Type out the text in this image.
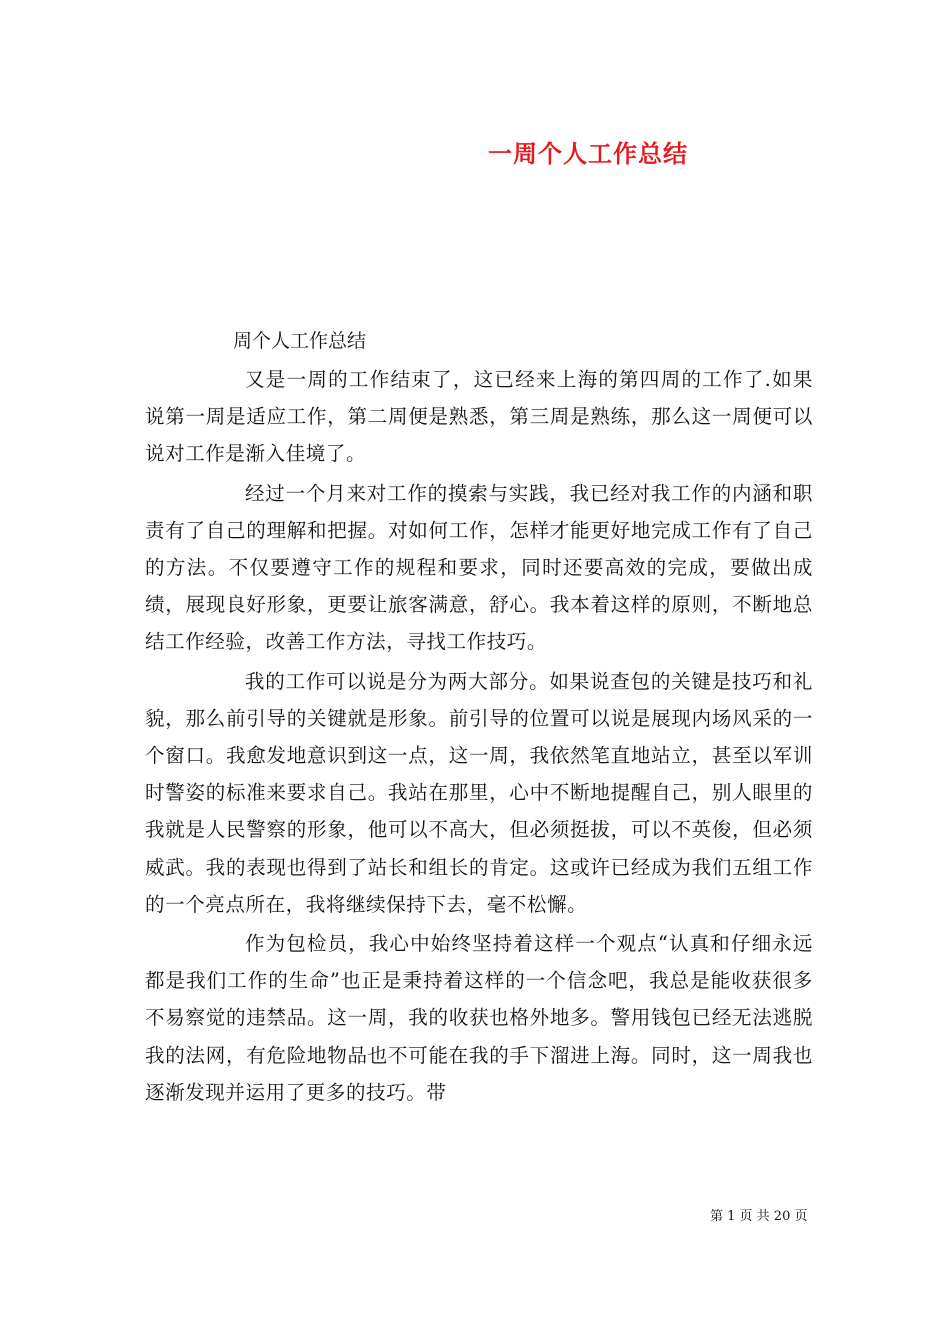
一周个人工作总结
周个人工作总结

又是一周的工作结束了，这已经来上海的第四周的工作了.如果说第一周是适应工作，第二周便是熟悉，第三周是熟练，那么这一周便可以说对工作是渐入佳境了。

经过一个月来对工作的摸索与实践，我已经对我工作的内涵和职责有了自己的理解和把握。对如何工作，怎样才能更好地完成工作有了自己的方法。不仅要遵守工作的规程和要求，同时还要高效的完成，要做出成绩，展现良好形象，更要让旅客满意，舒心。我本着这样的原则，不断地总结工作经验，改善工作方法，寻找工作技巧。

我的工作可以说是分为两大部分。如果说查包的关键是技巧和礼貌，那么前引导的关键就是形象。前引导的位置可以说是展现内场风采的一个窗口。我愈发地意识到这一点，这一周，我依然笔直地站立，甚至以军训时警姿的标准来要求自己。我站在那里，心中不断地提醒自己，别人眼里的我就是人民警察的形象，他可以不高大，但必须挺拔，可以不英俊，但必须威武。我的表现也得到了站长和组长的肯定。这或许已经成为我们五组工作的一个亮点所在，我将继续保持下去，毫不松懈。

作为包检员，我心中始终坚持着这样一个观点“认真和仔细永远都是我们工作的生命”也正是秉持着这样的一个信念吧，我总是能收获很多不易察觉的违禁品。这一周，我的收获也格外地多。警用钱包已经无法逃脱我的法网，有危险地物品也不可能在我的手下溜进上海。同时，这一周我也逐渐发现并运用了更多的技巧。带

第 1 页 共 20 页
